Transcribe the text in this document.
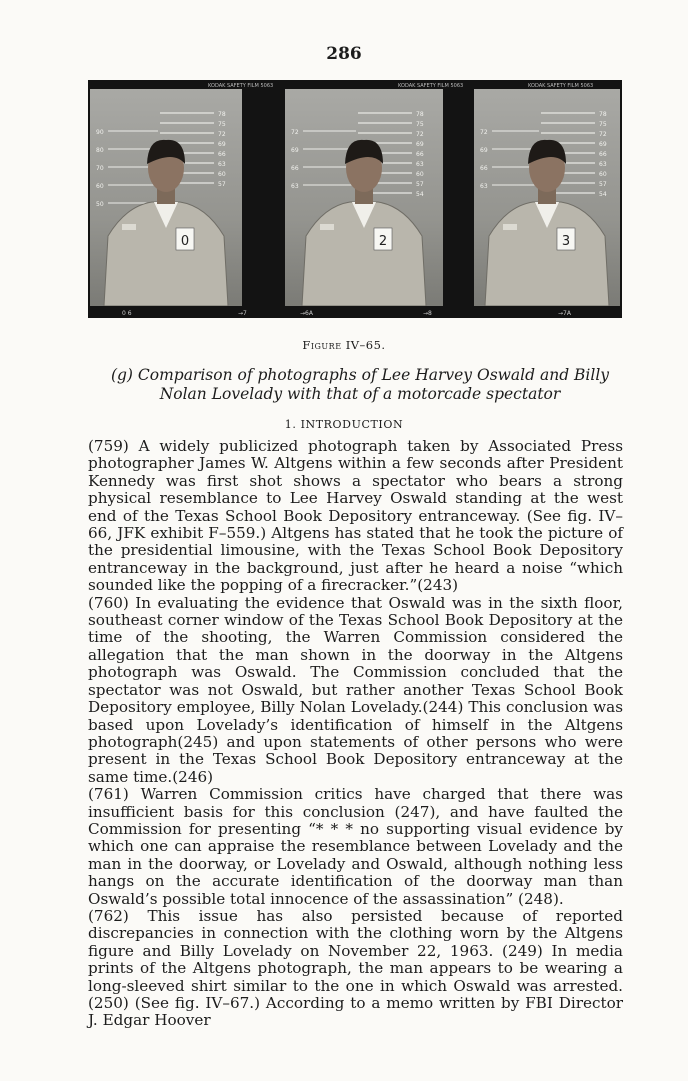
286
KODAK SAFETY FILM 5063	KODAK SAFETY FILM 5063	KODAK SAFETY FILM 5063
78
75
72
69
66
63
60
57
90
80
70
60
50
0
78
75
72
69
66
63
60
57
54
72
69
66
63
2
78
75
72
69
66
63
60
57
54
72
69
66
63
3
0 6	→7	→6A	→8	→7A
Figure IV–65.
(g) Comparison of photographs of Lee Harvey Oswald and Billy
Nolan Lovelady with that of a motorcade spectator
1. INTRODUCTION

(759) A widely publicized photograph taken by Associated Press photographer James W. Altgens within a few seconds after President Kennedy was first shot shows a spectator who bears a strong physical resemblance to Lee Harvey Oswald standing at the west end of the Texas School Book Depository entranceway. (See fig. IV–66, JFK exhibit F–559.) Altgens has stated that he took the picture of the presidential limousine, with the Texas School Book Depository entranceway in the background, just after he heard a noise “which sounded like the popping of a firecracker.”(243)

(760) In evaluating the evidence that Oswald was in the sixth floor, southeast corner window of the Texas School Book Depository at the time of the shooting, the Warren Commission considered the allegation that the man shown in the doorway in the Altgens photograph was Oswald. The Commission concluded that the spectator was not Oswald, but rather another Texas School Book Depository employee, Billy Nolan Lovelady.(244) This conclusion was based upon Lovelady’s identification of himself in the Altgens photograph(245) and upon statements of other persons who were present in the Texas School Book Depository entranceway at the same time.(246)

(761) Warren Commission critics have charged that there was insufficient basis for this conclusion (247), and have faulted the Commission for presenting “* * * no supporting visual evidence by which one can appraise the resemblance between Lovelady and the man in the doorway, or Lovelady and Oswald, although nothing less hangs on the accurate identification of the doorway man than Oswald’s possible total innocence of the assassination” (248).

(762) This issue has also persisted because of reported discrepancies in connection with the clothing worn by the Altgens figure and Billy Lovelady on November 22, 1963. (249) In media prints of the Altgens photograph, the man appears to be wearing a long-sleeved shirt similar to the one in which Oswald was arrested. (250) (See fig. IV–67.) According to a memo written by FBI Director J. Edgar Hoover
